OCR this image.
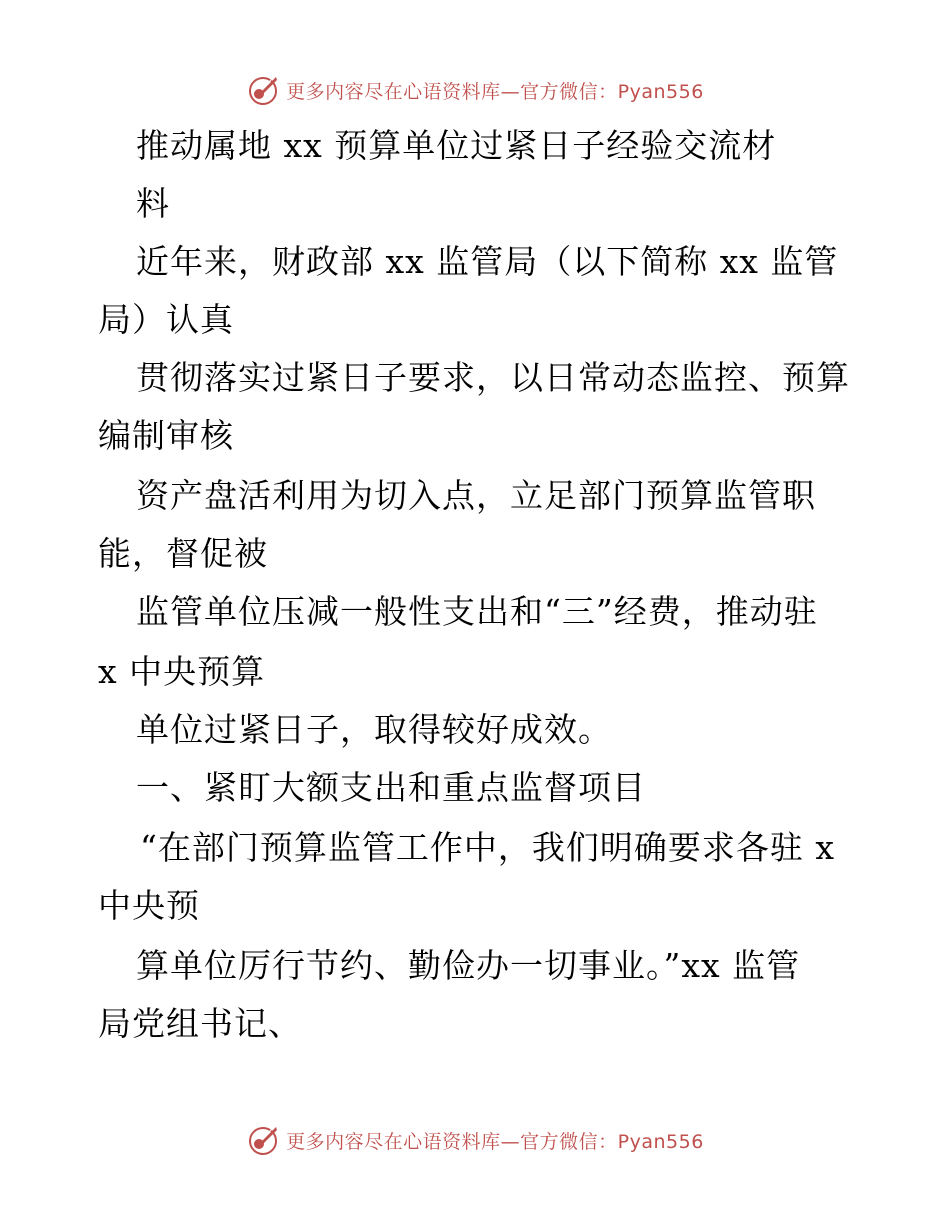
更多内容尽在心语资料库—官方微信：Pyan556
推动属地 xx 预算单位过紧日子经验交流材
料
近年来，财政部 xx 监管局（以下简称 xx 监管
局）认真
贯彻落实过紧日子要求，以日常动态监控、预算
编制审核
资产盘活利用为切入点，立足部门预算监管职
能，督促被
监管单位压减一般性支出和“三”经费，推动驻
x 中央预算
单位过紧日子，取得较好成效。
一、紧盯大额支出和重点监督项目
“在部门预算监管工作中，我们明确要求各驻 x
中央预
算单位厉行节约、勤俭办一切事业。”xx 监管
局党组书记、
更多内容尽在心语资料库—官方微信：Pyan556
